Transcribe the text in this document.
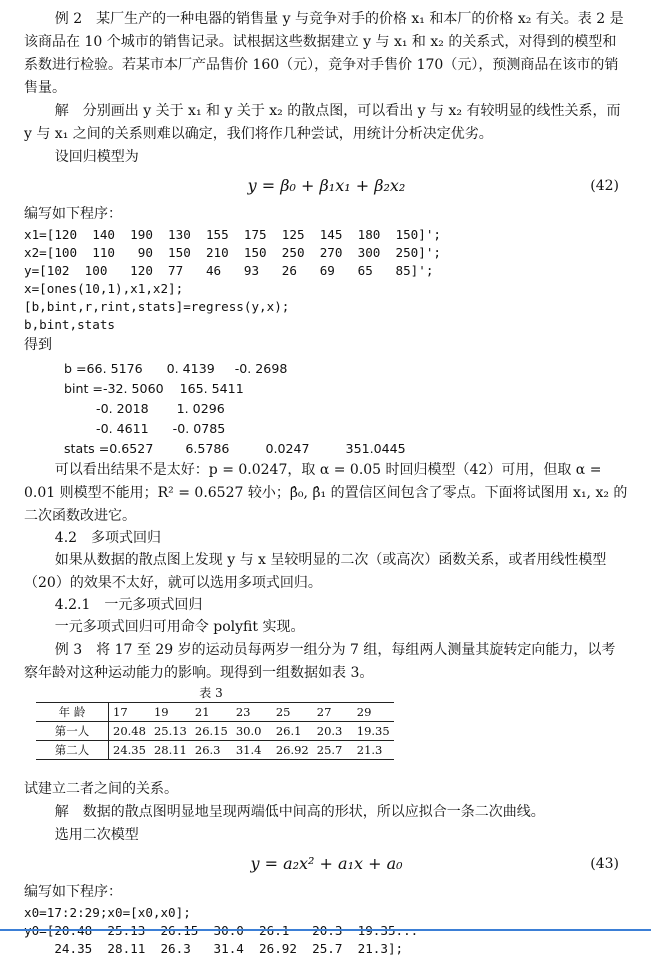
例 2　某厂生产的一种电器的销售量 y 与竞争对手的价格 x₁ 和本厂的价格 x₂ 有关。表 2 是该商品在 10 个城市的销售记录。试根据这些数据建立 y 与 x₁ 和 x₂ 的关系式，对得到的模型和系数进行检验。若某市本厂产品售价 160（元），竞争对手售价 170（元），预测商品在该市的销售量。

解　分别画出 y 关于 x₁ 和 y 关于 x₂ 的散点图，可以看出 y 与 x₂ 有较明显的线性关系，而 y 与 x₁ 之间的关系则难以确定，我们将作几种尝试，用统计分析决定优劣。

设回归模型为

y = β₀ + β₁x₁ + β₂x₂	(42)

编写如下程序：

x1=[120  140  190  130  155  175  125  145  180  150]';
x2=[100  110   90  150  210  150  250  270  300  250]';
y=[102  100   120  77   46   93   26   69   65   85]';
x=[ones(10,1),x1,x2];
[b,bint,r,rint,stats]=regress(y,x);
b,bint,stats

得到

b =66. 5176      0. 4139     -0. 2698
bint =-32. 5060    165. 5411
-0. 2018       1. 0296
-0. 4611      -0. 0785
stats =0.6527        6.5786         0.0247         351.0445

可以看出结果不是太好：p = 0.0247，取 α = 0.05 时回归模型（42）可用，但取 α = 0.01 则模型不能用；R² = 0.6527 较小；β̂₀, β̂₁ 的置信区间包含了零点。下面将试图用 x₁, x₂ 的二次函数改进它。

4.2　多项式回归

如果从数据的散点图上发现 y 与 x 呈较明显的二次（或高次）函数关系，或者用线性模型（20）的效果不太好，就可以选用多项式回归。

4.2.1　一元多项式回归

一元多项式回归可用命令 polyfit 实现。

例 3　将 17 至 29 岁的运动员每两岁一组分为 7 组，每组两人测量其旋转定向能力，以考察年龄对这种运动能力的影响。现得到一组数据如表 3。

表 3
年 龄	17	19	21	23	25	27	29
第一人	20.48	25.13	26.15	30.0	26.1	20.3	19.35
第二人	24.35	28.11	26.3	31.4	26.92	25.7	21.3

试建立二者之间的关系。

解　数据的散点图明显地呈现两端低中间高的形状，所以应拟合一条二次曲线。

选用二次模型

y = a₂x² + a₁x + a₀	(43)

编写如下程序：

x0=17:2:29;x0=[x0,x0];

24.35  28.11  26.3   31.4  26.92  25.7  21.3];
